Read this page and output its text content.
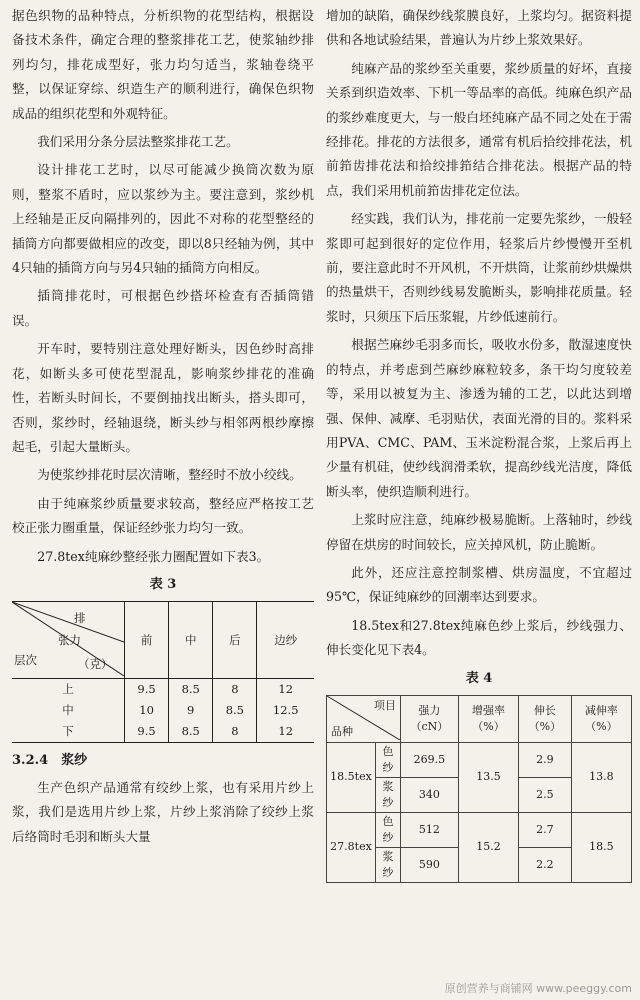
据色织物的品种特点，分析织物的花型结构，根据设备技术条件，确定合理的整浆排花工艺，使浆轴纱排列均匀，排花成型好，张力均匀适当，浆轴卷绕平整，以保证穿综、织造生产的顺利进行，确保色织物成品的组织花型和外观特征。

我们采用分条分层法整浆排花工艺。

设计排花工艺时，以尽可能减少换筒次数为原则，整浆不盾时，应以浆纱为主。要注意到，浆纱机上经轴是正反向隔排列的，因此不对称的花型整经的插筒方向都要做相应的改变，即以8只经轴为例，其中4只轴的插筒方向与另4只轴的插筒方向相反。

插筒排花时，可根据色纱搭坏检查有否插筒错误。

开车时，要特别注意处理好断头，因色纱时高排花，如断头多可使花型混乱，影响浆纱排花的准确性，若断头时间长，不要倒抽找出断头，搭头即可，否则，浆纱时，经轴退绕，断头纱与相邻两根纱摩擦起毛，引起大量断头。

为使浆纱排花时层次清晰，整经时不放小绞线。

由于纯麻浆纱质量要求较高，整经应严格按工艺校正张力圈重量，保证经纱张力均匀一致。

27.8tex纯麻纱整经张力圈配置如下表3。

表 3
排
张力
层次 （克）	前	中	后	边纱
上	9.5	8.5	8	12
中	10	9	8.5	12.5
下	9.5	8.5	8	12
3.2.4　浆纱

生产色织产品通常有绞纱上浆，也有采用片纱上浆，我们是选用片纱上浆，片纱上浆消除了绞纱上浆后络筒时毛羽和断头大量

增加的缺陷，确保纱线浆膜良好，上浆均匀。据资料提供和各地试验结果，普遍认为片纱上浆效果好。

纯麻产品的浆纱至关重要，浆纱质量的好坏，直接关系到织造效率、下机一等品率的高低。纯麻色织产品的浆纱难度更大，与一般白坯纯麻产品不同之处在于需经排花。排花的方法很多，通常有机后拾绞排花法，机前筘齿排花法和拾绞排筘结合排花法。根据产品的特点，我们采用机前筘齿排花定位法。

经实践，我们认为，排花前一定要先浆纱，一般轻浆即可起到很好的定位作用，轻浆后片纱慢慢开至机前，要注意此时不开风机，不开烘筒，让浆前纱烘燥烘的热量烘干，否则纱线易发脆断头，影响排花质量。轻浆时，只须压下后压浆辊，片纱低速前行。

根据苎麻纱毛羽多而长，吸收水份多，散湿速度快的特点，并考虑到苎麻纱麻粒较多，条干均匀度较差等，采用以被复为主、渗透为辅的工艺，以此达到增强、保伸、减摩、毛羽贴伏，表面光滑的目的。浆料采用PVA、CMC、PAM、玉米淀粉混合浆，上浆后再上少量有机硅，使纱线润滑柔软，提高纱线光洁度，降低断头率，使织造顺利进行。

上浆时应注意，纯麻纱极易脆断。上落轴时，纱线停留在烘房的时间较长，应关掉风机，防止脆断。

此外，还应注意控制浆槽、烘房温度，不宜超过95℃，保证纯麻纱的回潮率达到要求。

18.5tex和27.8tex纯麻色纱上浆后，纱线强力、伸长变化见下表4。

表 4
项目
品种		强力（cN）	增强率（%）	伸长（%）	减伸率（%）
18.5tex	色纱	269.5	13.5	2.9	13.8
	浆纱	340		2.5	
27.8tex	色纱	512	15.2	2.7	18.5
	浆纱	590		2.2	
原创营养与商铺网 www.peeggy.com
